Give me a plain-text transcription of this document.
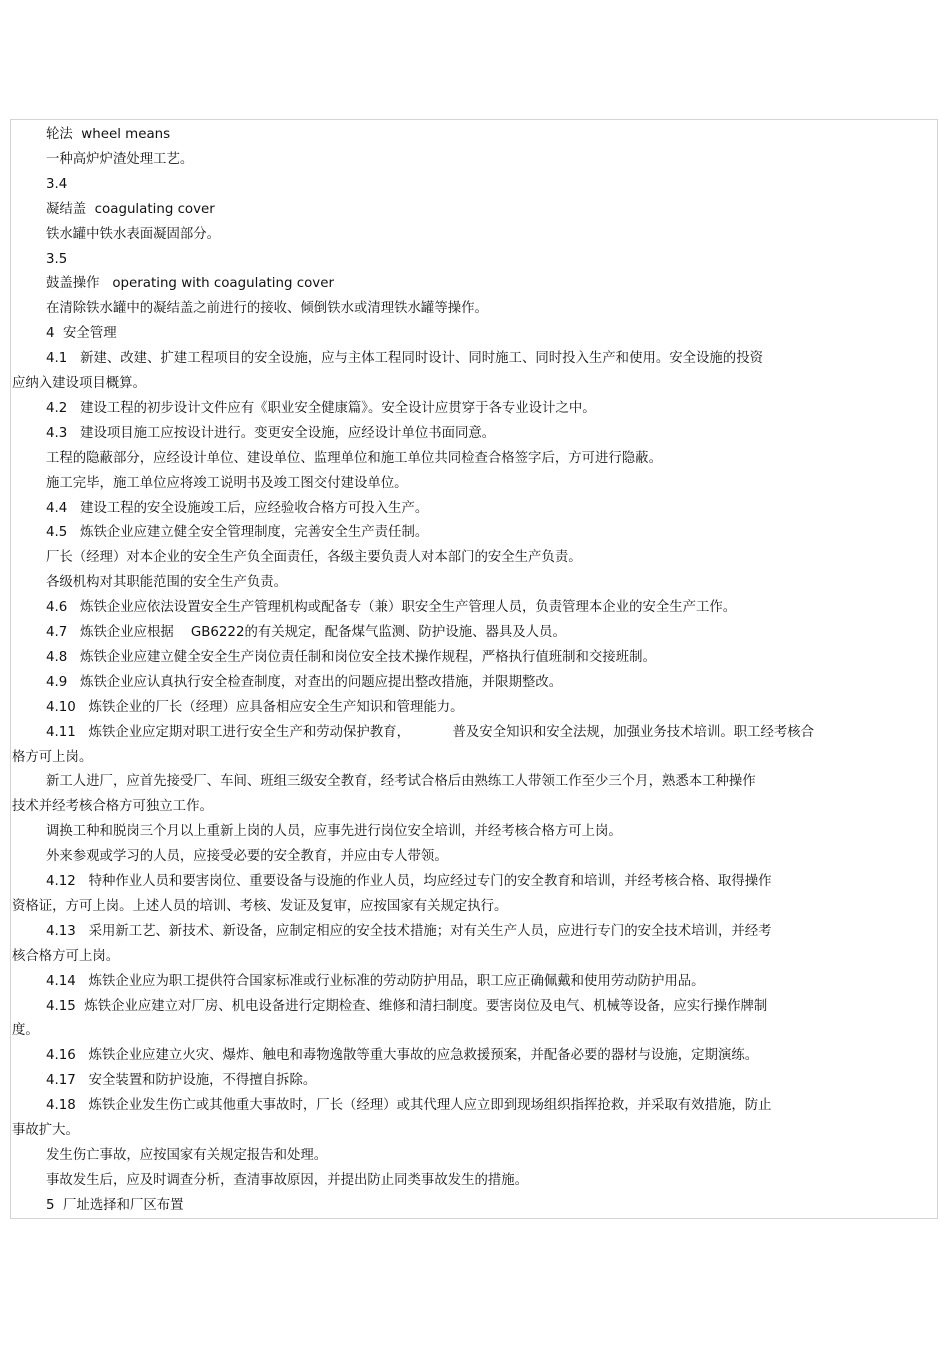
轮法  wheel means
一种高炉炉渣处理工艺。
3.4
凝结盖  coagulating cover
铁水罐中铁水表面凝固部分。
3.5
鼓盖操作   operating with coagulating cover
在清除铁水罐中的凝结盖之前进行的接收、倾倒铁水或清理铁水罐等操作。
4  安全管理
4.1   新建、改建、扩建工程项目的安全设施，应与主体工程同时设计、同时施工、同时投入生产和使用。安全设施的投资
应纳入建设项目概算。
4.2   建设工程的初步设计文件应有《职业安全健康篇》。安全设计应贯穿于各专业设计之中。
4.3   建设项目施工应按设计进行。变更安全设施，应经设计单位书面同意。
工程的隐蔽部分，应经设计单位、建设单位、监理单位和施工单位共同检查合格签字后，方可进行隐蔽。
施工完毕，施工单位应将竣工说明书及竣工图交付建设单位。
4.4   建设工程的安全设施竣工后，应经验收合格方可投入生产。
4.5   炼铁企业应建立健全安全管理制度，完善安全生产责任制。
厂长（经理）对本企业的安全生产负全面责任，各级主要负责人对本部门的安全生产负责。
各级机构对其职能范围的安全生产负责。
4.6   炼铁企业应依法设置安全生产管理机构或配备专（兼）职安全生产管理人员，负责管理本企业的安全生产工作。
4.7   炼铁企业应根据    GB6222的有关规定，配备煤气监测、防护设施、器具及人员。
4.8   炼铁企业应建立健全安全生产岗位责任制和岗位安全技术操作规程，严格执行值班制和交接班制。
4.9   炼铁企业应认真执行安全检查制度，对查出的问题应提出整改措施，并限期整改。
4.10   炼铁企业的厂长（经理）应具备相应安全生产知识和管理能力。
4.11   炼铁企业应定期对职工进行安全生产和劳动保护教育，          普及安全知识和安全法规，加强业务技术培训。职工经考核合
格方可上岗。
新工人进厂，应首先接受厂、车间、班组三级安全教育，经考试合格后由熟练工人带领工作至少三个月，熟悉本工种操作
技术并经考核合格方可独立工作。
调换工种和脱岗三个月以上重新上岗的人员，应事先进行岗位安全培训，并经考核合格方可上岗。
外来参观或学习的人员，应接受必要的安全教育，并应由专人带领。
4.12   特种作业人员和要害岗位、重要设备与设施的作业人员，均应经过专门的安全教育和培训，并经考核合格、取得操作
资格证，方可上岗。上述人员的培训、考核、发证及复审，应按国家有关规定执行。
4.13   采用新工艺、新技术、新设备，应制定相应的安全技术措施；对有关生产人员，应进行专门的安全技术培训，并经考
核合格方可上岗。
4.14   炼铁企业应为职工提供符合国家标准或行业标准的劳动防护用品，职工应正确佩戴和使用劳动防护用品。
4.15  炼铁企业应建立对厂房、机电设备进行定期检查、维修和清扫制度。要害岗位及电气、机械等设备，应实行操作牌制
度。
4.16   炼铁企业应建立火灾、爆炸、触电和毒物逸散等重大事故的应急救援预案，并配备必要的器材与设施，定期演练。
4.17   安全装置和防护设施，不得擅自拆除。
4.18   炼铁企业发生伤亡或其他重大事故时，厂长（经理）或其代理人应立即到现场组织指挥抢救，并采取有效措施，防止
事故扩大。
发生伤亡事故，应按国家有关规定报告和处理。
事故发生后，应及时调查分析，查清事故原因，并提出防止同类事故发生的措施。
5  厂址选择和厂区布置
